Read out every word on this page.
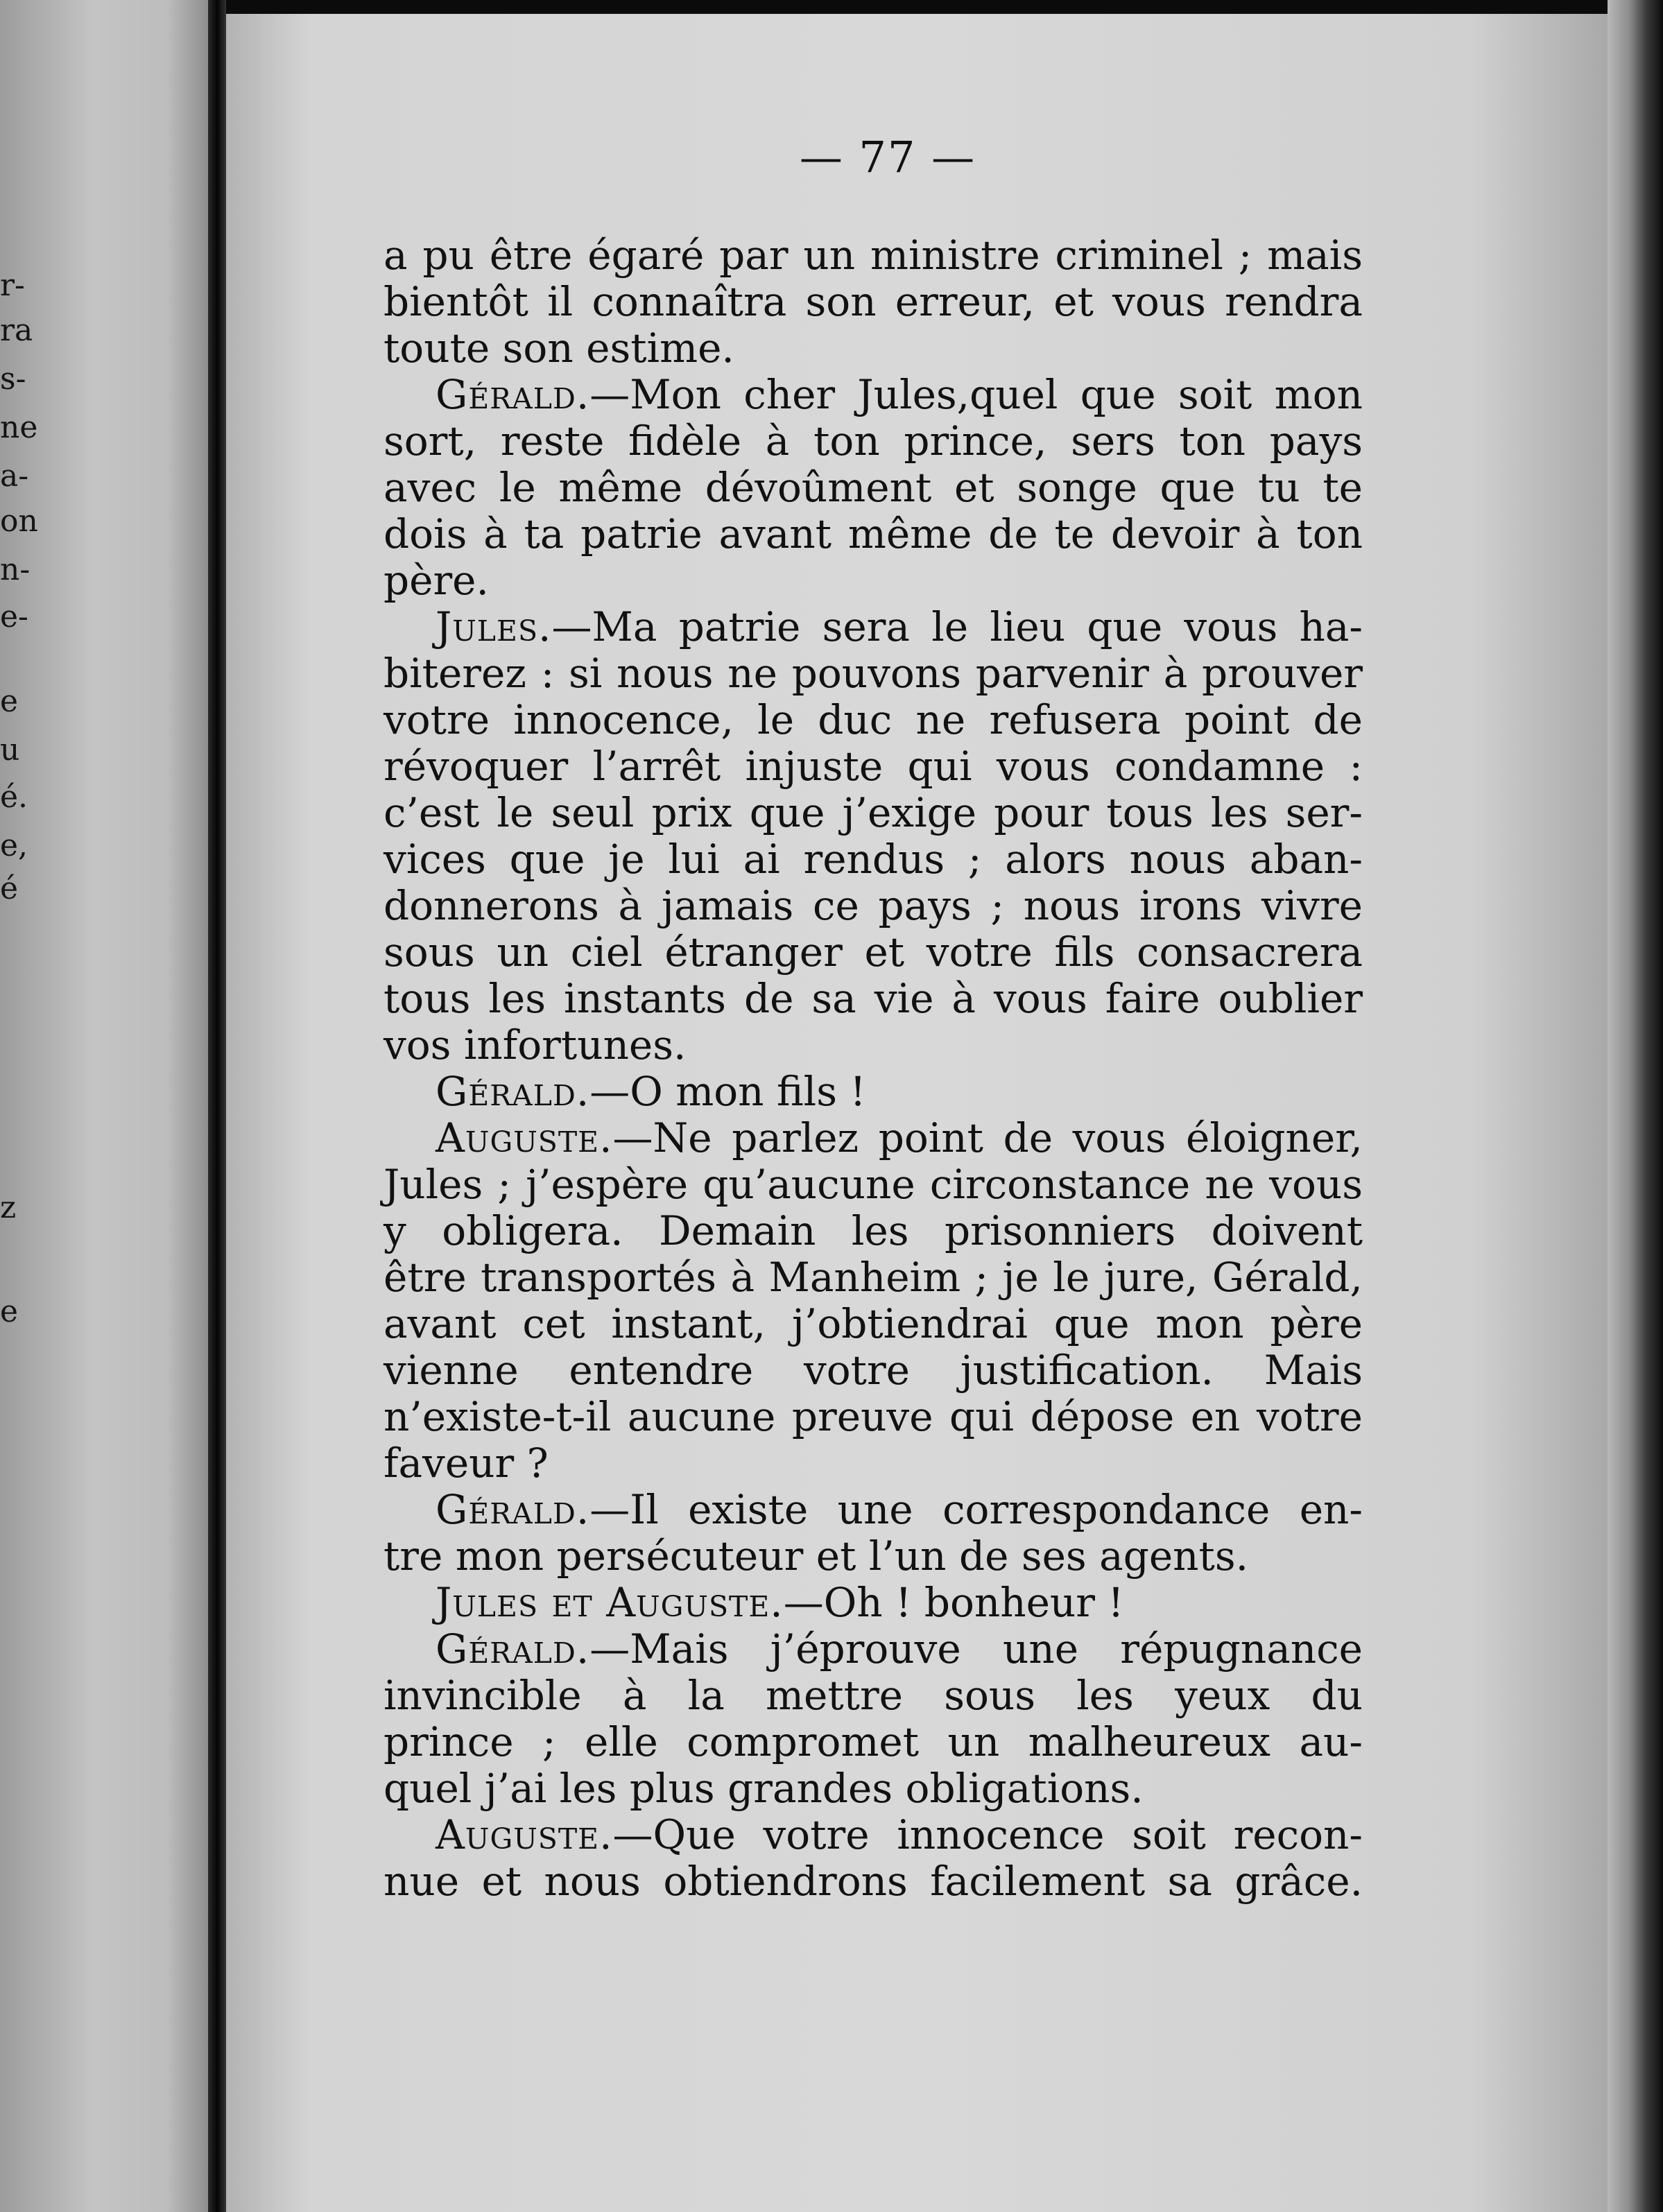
r-
ra
s-
ne
a-
on
n-
e-
e
u
é.
e,
é
z
e
— 77 —
a pu être égaré par un ministre criminel ; mais
bientôt il connaîtra son erreur, et vous rendra
toute son estime.
Gérald.—Mon cher Jules,quel que soit mon
sort, reste fidèle à ton prince, sers ton pays
avec le même dévoûment et songe que tu te
dois à ta patrie avant même de te devoir à ton
père.
Jules.—Ma patrie sera le lieu que vous ha-
biterez : si nous ne pouvons parvenir à prouver
votre innocence, le duc ne refusera point de
révoquer l’arrêt injuste qui vous condamne :
c’est le seul prix que j’exige pour tous les ser-
vices que je lui ai rendus ; alors nous aban-
donnerons à jamais ce pays ; nous irons vivre
sous un ciel étranger et votre fils consacrera
tous les instants de sa vie à vous faire oublier
vos infortunes.
Gérald.—O mon fils !
Auguste.—Ne parlez point de vous éloigner,
Jules ; j’espère qu’aucune circonstance ne vous
y obligera. Demain les prisonniers doivent
être transportés à Manheim ; je le jure, Gérald,
avant cet instant, j’obtiendrai que mon père
vienne entendre votre justification. Mais
n’existe-t-il aucune preuve qui dépose en votre
faveur ?
Gérald.—Il existe une correspondance en-
tre mon persécuteur et l’un de ses agents.
Jules et Auguste.—Oh ! bonheur !
Gérald.—Mais j’éprouve une répugnance
invincible à la mettre sous les yeux du
prince ; elle compromet un malheureux au-
quel j’ai les plus grandes obligations.
Auguste.—Que votre innocence soit recon-
nue et nous obtiendrons facilement sa grâce.
